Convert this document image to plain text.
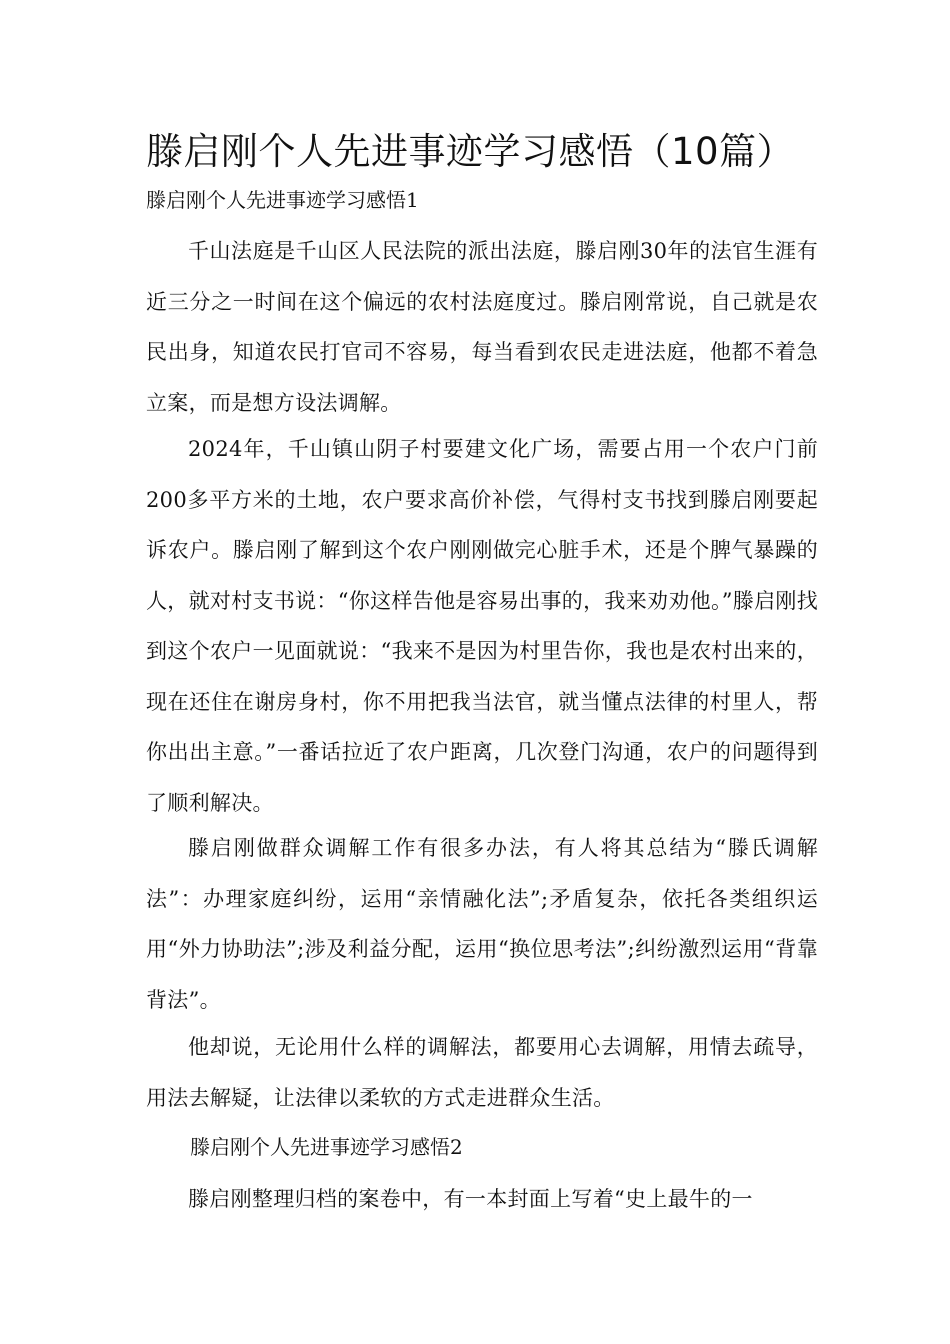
滕启刚个人先进事迹学习感悟（10篇）

滕启刚个人先进事迹学习感悟1

千山法庭是千山区人民法院的派出法庭，滕启刚30年的法官生涯有近三分之一时间在这个偏远的农村法庭度过。滕启刚常说，自己就是农民出身，知道农民打官司不容易，每当看到农民走进法庭，他都不着急立案，而是想方设法调解。

2024年，千山镇山阴子村要建文化广场，需要占用一个农户门前200多平方米的土地，农户要求高价补偿，气得村支书找到滕启刚要起诉农户。滕启刚了解到这个农户刚刚做完心脏手术，还是个脾气暴躁的人，就对村支书说：“你这样告他是容易出事的，我来劝劝他。”滕启刚找到这个农户一见面就说：“我来不是因为村里告你，我也是农村出来的，现在还住在谢房身村，你不用把我当法官，就当懂点法律的村里人，帮你出出主意。”一番话拉近了农户距离，几次登门沟通，农户的问题得到了顺利解决。

滕启刚做群众调解工作有很多办法，有人将其总结为“滕氏调解法”：办理家庭纠纷，运用“亲情融化法”;矛盾复杂，依托各类组织运用“外力协助法”;涉及利益分配，运用“换位思考法”;纠纷激烈运用“背靠背法”。

他却说，无论用什么样的调解法，都要用心去调解，用情去疏导，用法去解疑，让法律以柔软的方式走进群众生活。

滕启刚个人先进事迹学习感悟2

滕启刚整理归档的案卷中，有一本封面上写着“史上最牛的一
